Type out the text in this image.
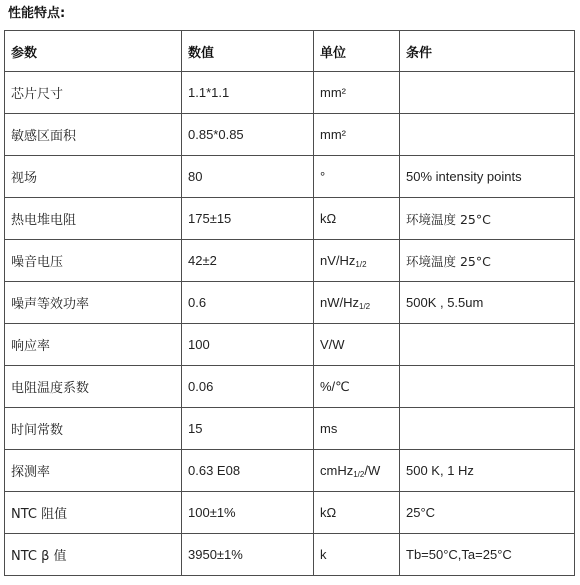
性能特点:
参数	数值	单位	条件
芯片尺寸	1.1*1.1	mm²	
敏感区面积	0.85*0.85	mm²	
视场	80	°	50% intensity points
热电堆电阻	175±15	kΩ	环境温度 25°C
噪音电压	42±2	$nV/Hz_{1/2}$	环境温度 25°C
噪声等效功率	0.6	$nW/Hz_{1/2}$	500K , 5.5um
响应率	100	V/W	
电阻温度系数	0.06	%/℃	
时间常数	15	ms	
探测率	0.63 E08	cmHz$_{1/2}$/W	500 K, 1 Hz
NTC 阻值	100±1%	kΩ	25°C
NTC β 值	3950±1%	k	Tb=50°C,Ta=25°C
